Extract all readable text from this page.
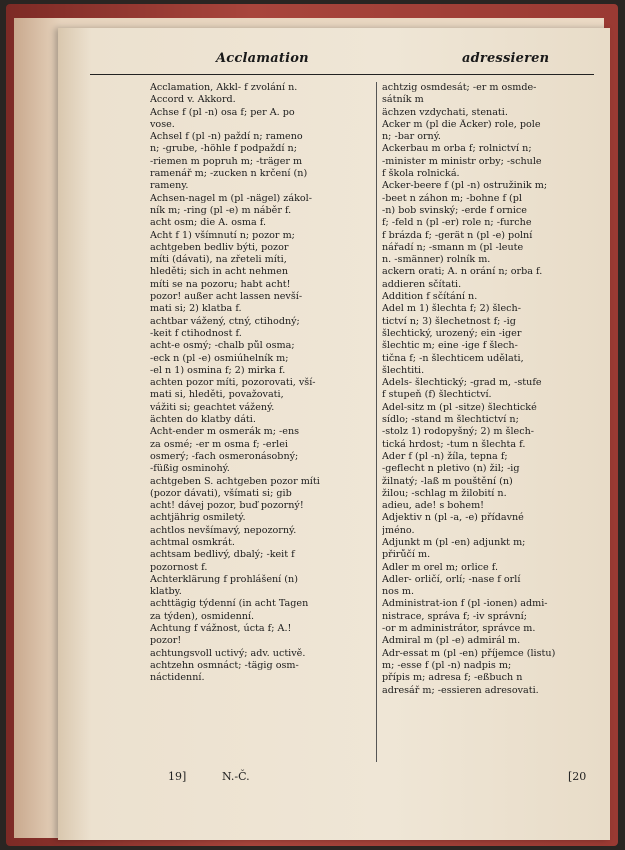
Acclamation	adressieren
Acclamation, Akkl- f zvolání n.
Accord v. Akkord.
Achse f (pl -n) osa f; per A. po
vose.
Achsel f (pl -n) paždí n; rameno
n; -grube, -höhle f podpaždí n;
-riemen m popruh m; -träger m
ramenář m; -zucken n krčení (n)
rameny.
Achsen-nagel m (pl -nägel) zákol-
ník m; -ring (pl -e) m náběr f.
acht osm; die A. osma f.
Acht f 1) všímnutí n; pozor m;
achtgeben bedliv býti, pozor
míti (dávati), na zřeteli míti,
hleděti; sich in acht nehmen
míti se na pozoru; habt acht!
pozor! außer acht lassen nevší-
mati si; 2) klatba f.
achtbar vážený, ctný, ctihodný;
-keit f ctihodnost f.
acht-e osmý; -chalb půl osma;
-eck n (pl -e) osmiúhelník m;
-el n 1) osmina f; 2) mirka f.
achten pozor míti, pozorovati, vší-
mati si, hleděti, považovati,
vážiti si; geachtet vážený.
ächten do klatby dáti.
Acht-ender m osmerák m; -ens
za osmé; -er m osma f; -erlei
osmerý; -fach osmeronásobný;
-füßig osminohý.
achtgeben S. achtgeben pozor míti
(pozor dávati), všímati si; gib
acht! dávej pozor, buď pozorný!
achtjährig osmiletý.
achtlos nevšímavý, nepozorný.
achtmal osmkrát.
achtsam bedlivý, dbalý; -keit f
pozornost f.
Achterklärung f prohlášení (n)
klatby.
achttägig týdenní (in acht Tagen
za týden), osmidenní.
Achtung f vážnost, úcta f; A.!
pozor!
achtungsvoll uctivý; adv. uctivě.
achtzehn osmnáct; -tägig osm-
náctidenní.
achtzig osmdesát; -er m osmde-
sátník m
ächzen vzdychati, stenati.
Acker m (pl die Äcker) role, pole
n; -bar orný.
Ackerbau m orba f; rolnictví n;
-minister m ministr orby; -schule
f škola rolnická.
Acker-beere f (pl -n) ostružinik m;
-beet n záhon m; -bohne f (pl
-n) bob svinský; -erde f ornice
f; -feld n (pl -er) role n; -furche
f brázda f; -gerät n (pl -e) polní
nářadí n; -smann m (pl -leute
n. -smänner) rolník m.
ackern orati; A. n orání n; orba f.
addieren sčítati.
Addition f sčítání n.
Adel m 1) šlechta f; 2) šlech-
tictví n; 3) šlechetnost f; -ig
šlechtický, urozený; ein -iger
šlechtic m; eine -ige f šlech-
tična f; -n šlechticem udělati,
šlechtiti.
Adels- šlechtický; -grad m, -stufe
f stupeň (f) šlechtictví.
Adel-sitz m (pl -sitze) šlechtické
sídlo; -stand m šlechtictví n;
-stolz 1) rodopyšný; 2) m šlech-
tická hrdost; -tum n šlechta f.
Ader f (pl -n) žíla, tepna f;
-geflecht n pletivo (n) žil; -ig
žilnatý; -laß m pouštění (n)
žilou; -schlag m žilobití n.
adieu, ade! s bohem!
Adjektiv n (pl -a, -e) přídavné
jméno.
Adjunkt m (pl -en) adjunkt m;
přirůčí m.
Adler m orel m; orlice f.
Adler- orličí, orlí; -nase f orlí
nos m.
Administrat-ion f (pl -ionen) admi-
nistrace, správa f; -iv správní;
-or m administrátor, správce m.
Admiral m (pl -e) admirál m.
Adr-essat m (pl -en) příjemce (listu)
m; -esse f (pl -n) nadpis m;
přípis m; adresa f; -eßbuch n
adresář m; -essieren adresovati.
19]	N.-Č.	[20
